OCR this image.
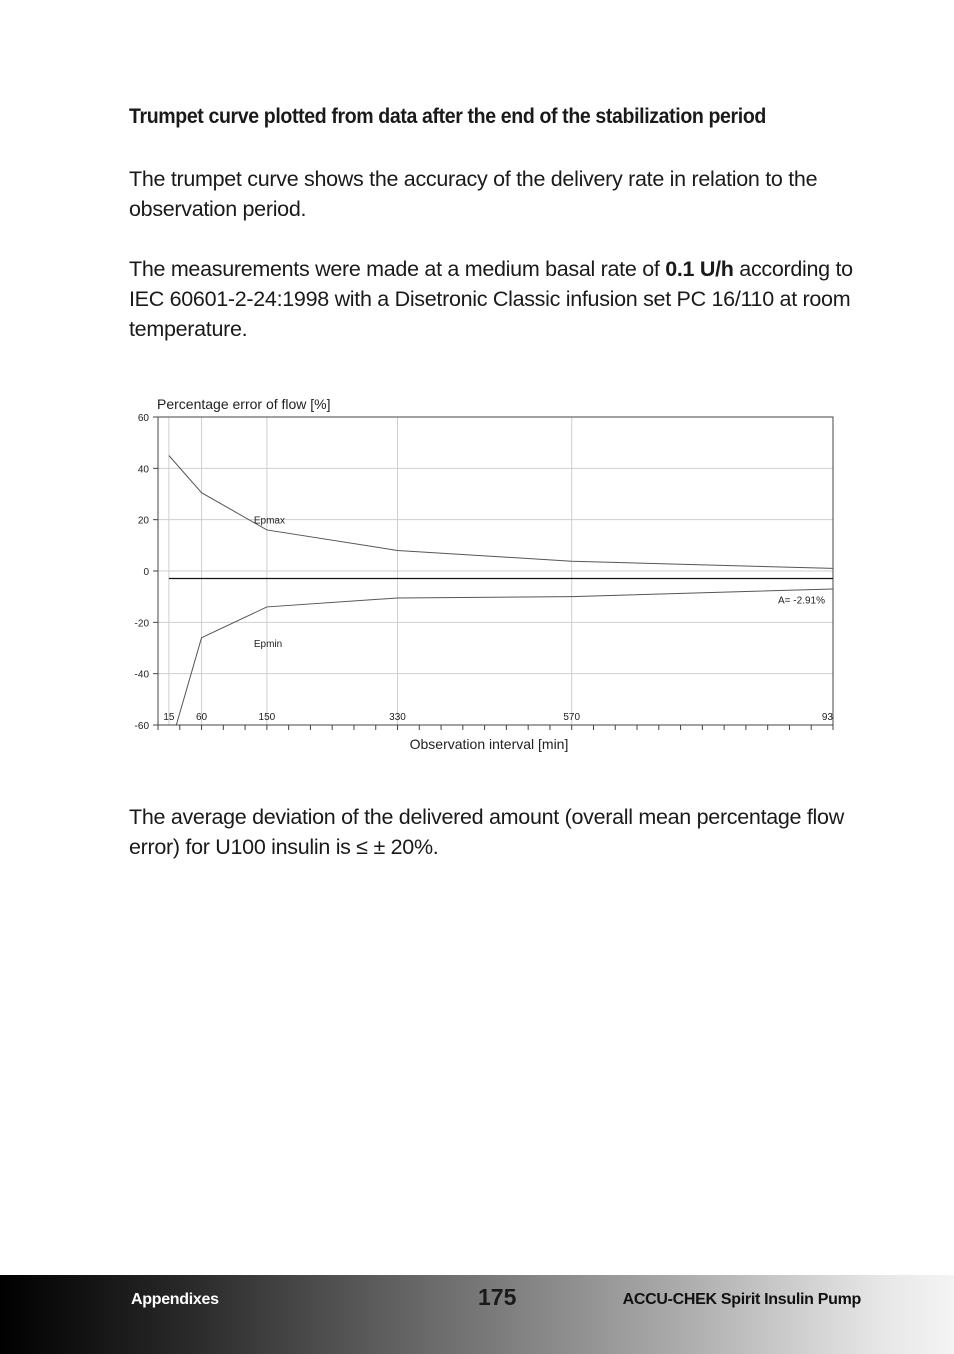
Trumpet curve plotted from data after the end of the stabilization period
The trumpet curve shows the accuracy of the delivery rate in relation to the observation period.
The measurements were made at a medium basal rate of 0.1 U/h according to IEC 60601-2-24:1998 with a Disetronic Classic infusion set PC 16/110 at room temperature.
60
40
20
0
-20
-40
-60
15 60	150	330	570	93
A= -2.91%
Epmax
Epmin
Percentage error of flow [%]
Observation interval [min]
The average deviation of the delivered amount (overall mean percentage flow error) for U100 insulin is ≤ ± 20%.
Appendixes	175	ACCU-CHEK Spirit Insulin Pump
